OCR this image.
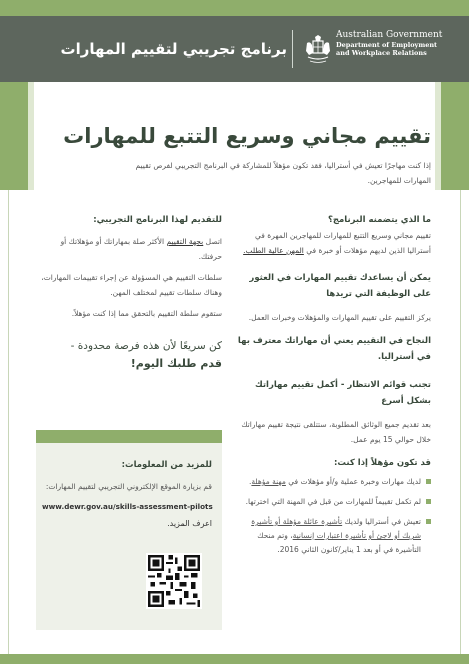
برنامج تجريبي لتقييم المهارات
Australian Government
Department of Employment
and Workplace Relations
تقييم مجاني وسريع التتبع للمهارات
إذا كنت مهاجرًا تعيش في أستراليا، فقد تكون مؤهلاً للمشاركة في البرنامج التجريبي لفرص تقييم المهارات للمهاجرين.
ما الذي يتضمنه البرنامج؟
تقييم مجاني وسريع التتبع للمهارات للمهاجرين المهرة في أستراليا الذين لديهم مؤهلات أو خبرة في المهن عالية الطلب.
يمكن أن يساعدك تقييم المهارات في العثور على الوظيفة التي تريدها
يركز التقييم على تقييم المهارات والمؤهلات وخبرات العمل.
النجاح في التقييم يعني أن مهاراتك معترف بها في أستراليا.
تجنب قوائم الانتظار - أكمل تقييم مهاراتك بشكل أسرع
بعد تقديم جميع الوثائق المطلوبة، ستتلقى نتيجة تقييم مهاراتك خلال حوالي 15 يوم عمل.
قد تكون مؤهلاً إذا كنت:
لديك مهارات وخبرة عملية و/أو مؤهلات في مهنة مؤهلة.
لم تكمل تقييماً للمهارات من قبل في المهنة التي اخترتها.
تعيش في أستراليا ولديك تأشيرة عائلة مؤهلة أو تأشيرة شريك أو لاجئ أو تأشيرة اعتبارات إنسانية، وتم منحك التأشيرة في أو بعد 1 يناير/كانون الثاني 2016.
للتقديم لهذا البرنامج التجريبي:
اتصل بجهة التقييم الأكثر صلة بمهاراتك أو مؤهلاتك أو حرفتك.
سلطات التقييم هي المسؤولة عن إجراء تقييمات المهارات، وهناك سلطات تقييم لمختلف المهن.
ستقوم سلطة التقييم بالتحقق مما إذا كنت مؤهلاً.
كن سريعًا لأن هذه فرصة محدودة -
قدم طلبك اليوم!
للمزيد من المعلومات:
قم بزيارة الموقع الإلكتروني التجريبي لتقييم المهارات:
www.dewr.gov.au/skills-assessment-pilots
اعرف المزيد.
